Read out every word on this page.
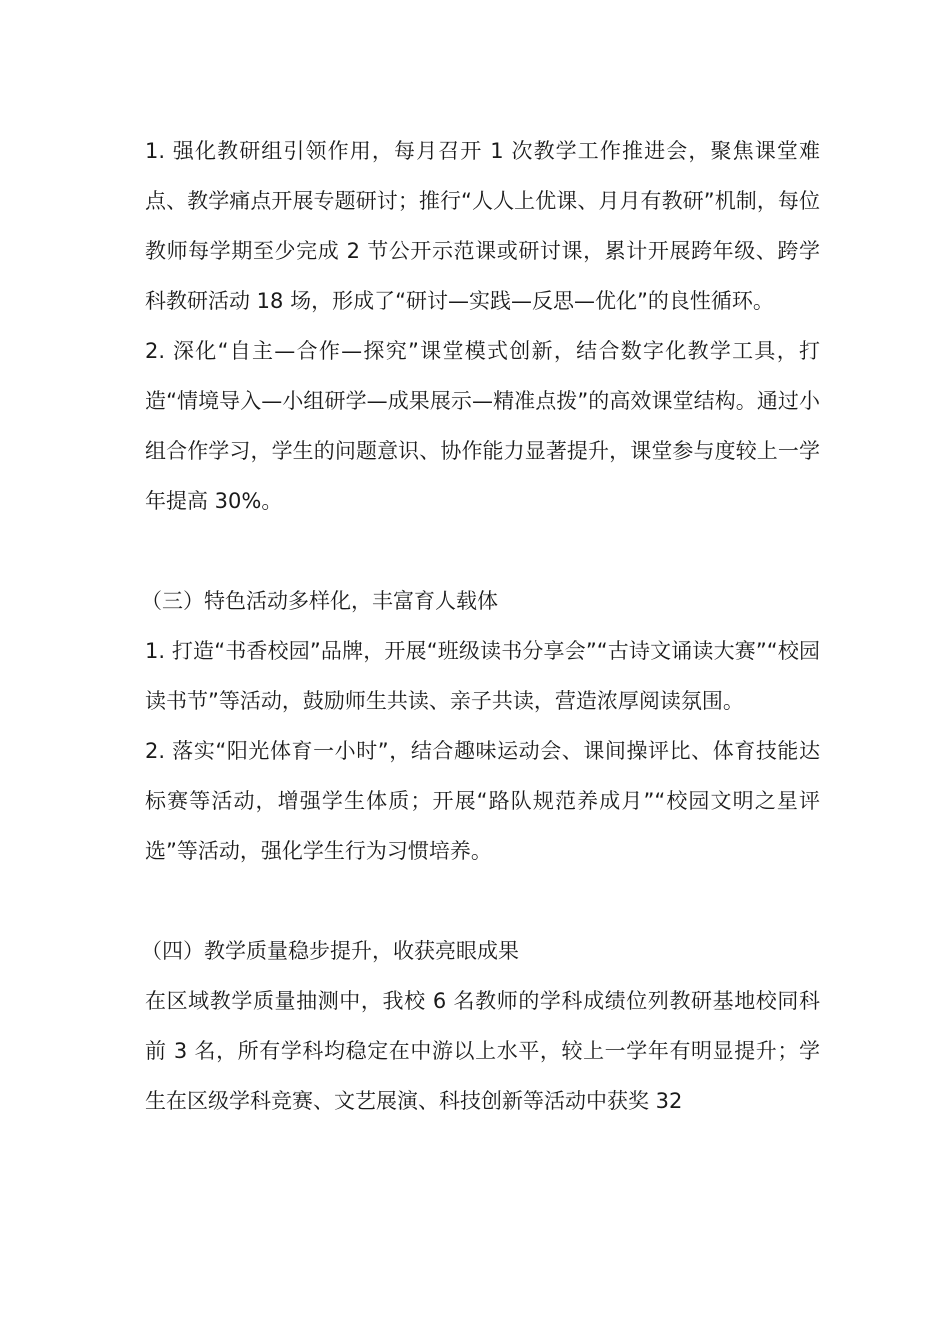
1. 强化教研组引领作用，每月召开 1 次教学工作推进会，聚焦课堂难点、教学痛点开展专题研讨；推行“人人上优课、月月有教研”机制，每位教师每学期至少完成 2 节公开示范课或研讨课，累计开展跨年级、跨学科教研活动 18 场，形成了“研讨—实践—反思—优化”的良性循环。

2. 深化“自主—合作—探究”课堂模式创新，结合数字化教学工具，打造“情境导入—小组研学—成果展示—精准点拨”的高效课堂结构。通过小组合作学习，学生的问题意识、协作能力显著提升，课堂参与度较上一学年提高 30%。

（三）特色活动多样化，丰富育人载体

1. 打造“书香校园”品牌，开展“班级读书分享会”“古诗文诵读大赛”“校园读书节”等活动，鼓励师生共读、亲子共读，营造浓厚阅读氛围。

2. 落实“阳光体育一小时”，结合趣味运动会、课间操评比、体育技能达标赛等活动，增强学生体质；开展“路队规范养成月”“校园文明之星评选”等活动，强化学生行为习惯培养。

（四）教学质量稳步提升，收获亮眼成果

在区域教学质量抽测中，我校 6 名教师的学科成绩位列教研基地校同科前 3 名，所有学科均稳定在中游以上水平，较上一学年有明显提升；学生在区级学科竞赛、文艺展演、科技创新等活动中获奖 32
